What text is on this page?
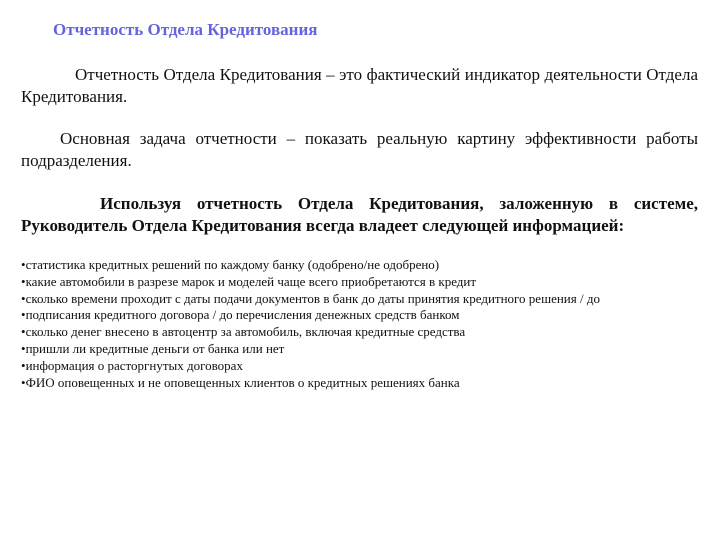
Отчетность Отдела Кредитования
Отчетность Отдела Кредитования – это фактический индикатор деятельности Отдела Кредитования.
Основная задача отчетности – показать реальную картину эффективности работы подразделения.
Используя отчетность Отдела Кредитования, заложенную в системе, Руководитель Отдела Кредитования всегда владеет следующей информацией:
• статистика кредитных решений по каждому банку (одобрено/не одобрено)
• какие автомобили в разрезе марок и моделей чаще всего приобретаются в кредит
• сколько времени проходит с даты подачи документов в банк до даты принятия кредитного решения / до
• подписания кредитного договора / до перечисления денежных средств банком
• сколько денег внесено в автоцентр за автомобиль, включая кредитные средства
• пришли ли кредитные деньги от банка или нет
• информация о расторгнутых договорах
• ФИО оповещенных и не оповещенных клиентов о кредитных решениях банка
